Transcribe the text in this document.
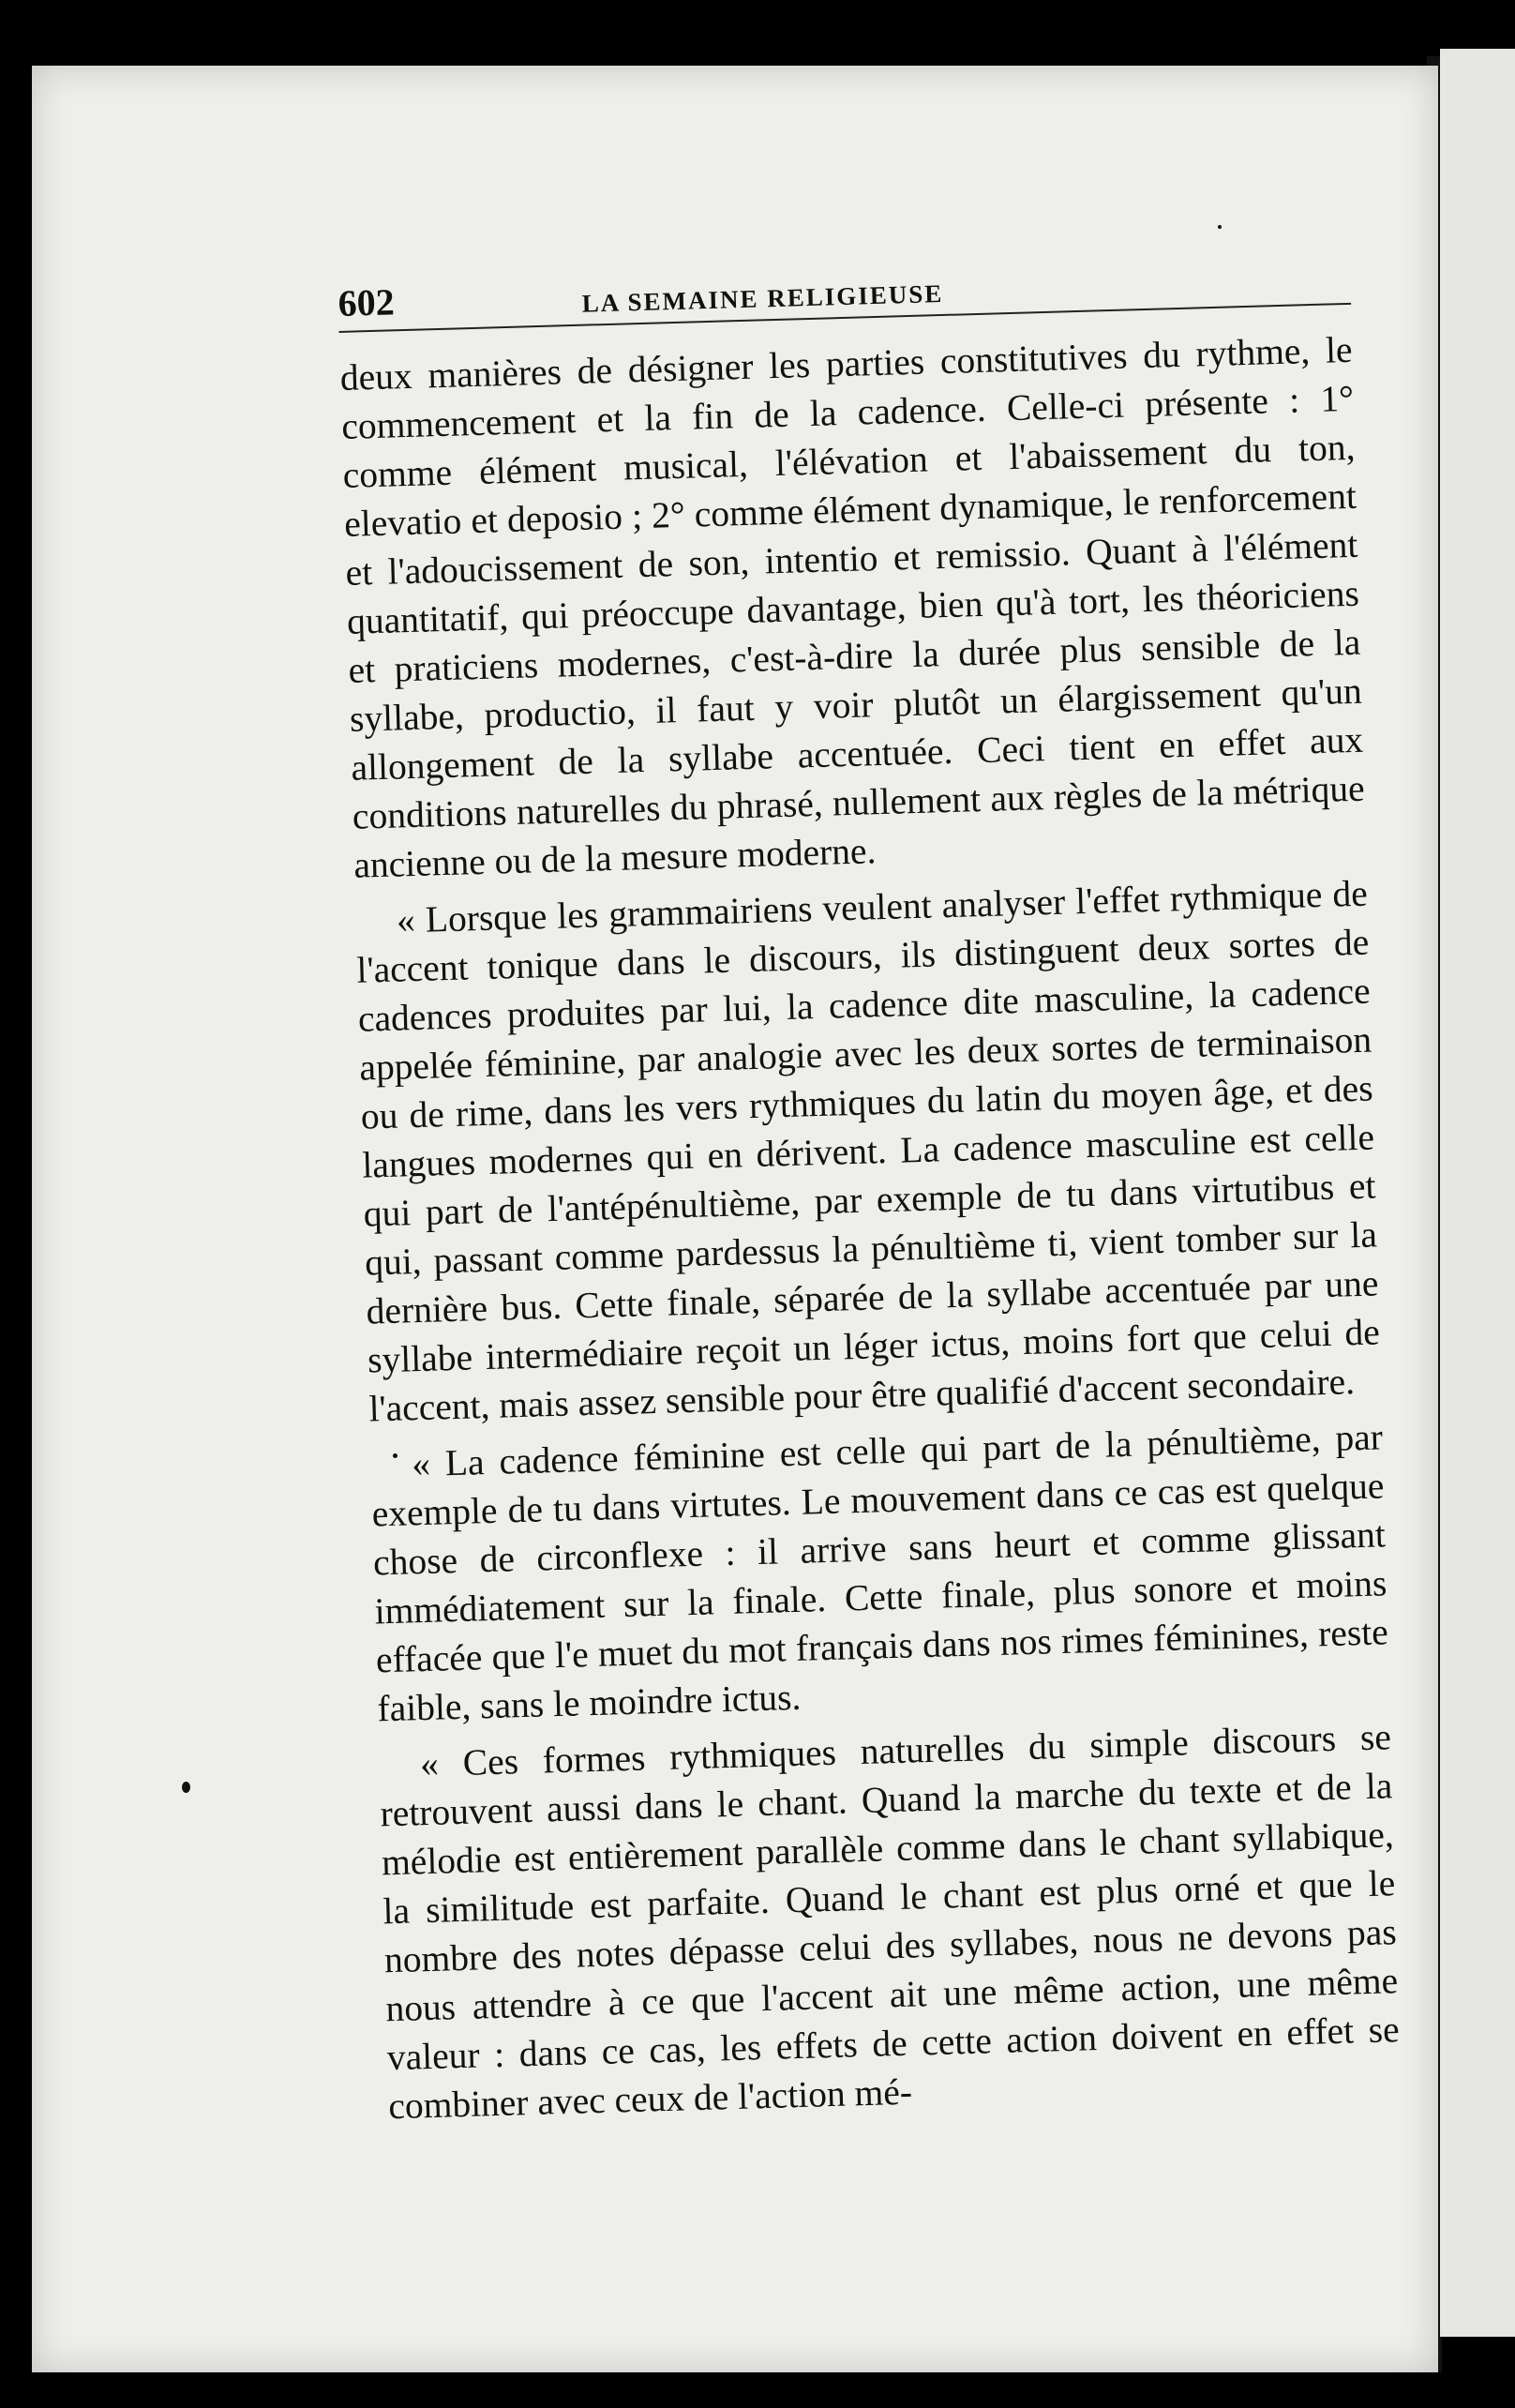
602	LA SEMAINE RELIGIEUSE

deux manières de désigner les parties constitutives du rythme, le commencement et la fin de la cadence. Celle-ci présente : 1° comme élément musical, l'élévation et l'abaissement du ton, elevatio et deposio ; 2° comme élément dynamique, le renforcement et l'adoucissement de son, intentio et remissio. Quant à l'élément quantitatif, qui préoccupe davantage, bien qu'à tort, les théoriciens et praticiens modernes, c'est-à-dire la durée plus sensible de la syllabe, productio, il faut y voir plutôt un élargissement qu'un allongement de la syllabe accentuée. Ceci tient en effet aux conditions naturelles du phrasé, nullement aux règles de la métrique ancienne ou de la mesure moderne.

« Lorsque les grammairiens veulent analyser l'effet rythmique de l'accent tonique dans le discours, ils distinguent deux sortes de cadences produites par lui, la cadence dite masculine, la cadence appelée féminine, par analogie avec les deux sortes de terminaison ou de rime, dans les vers rythmiques du latin du moyen âge, et des langues modernes qui en dérivent. La cadence masculine est celle qui part de l'antépénultième, par exemple de tu dans virtutibus et qui, passant comme pardessus la pénultième ti, vient tomber sur la dernière bus. Cette finale, séparée de la syllabe accentuée par une syllabe intermédiaire reçoit un léger ictus, moins fort que celui de l'accent, mais assez sensible pour être qualifié d'accent secondaire.

« La cadence féminine est celle qui part de la pénultième, par exemple de tu dans virtutes. Le mouvement dans ce cas est quelque chose de circonflexe : il arrive sans heurt et comme glissant immédiatement sur la finale. Cette finale, plus sonore et moins effacée que l'e muet du mot français dans nos rimes féminines, reste faible, sans le moindre ictus.

« Ces formes rythmiques naturelles du simple discours se retrouvent aussi dans le chant. Quand la marche du texte et de la mélodie est entièrement parallèle comme dans le chant syllabique, la similitude est parfaite. Quand le chant est plus orné et que le nombre des notes dépasse celui des syllabes, nous ne devons pas nous attendre à ce que l'accent ait une même action, une même valeur : dans ce cas, les effets de cette action doivent en effet se combiner avec ceux de l'action mé-
